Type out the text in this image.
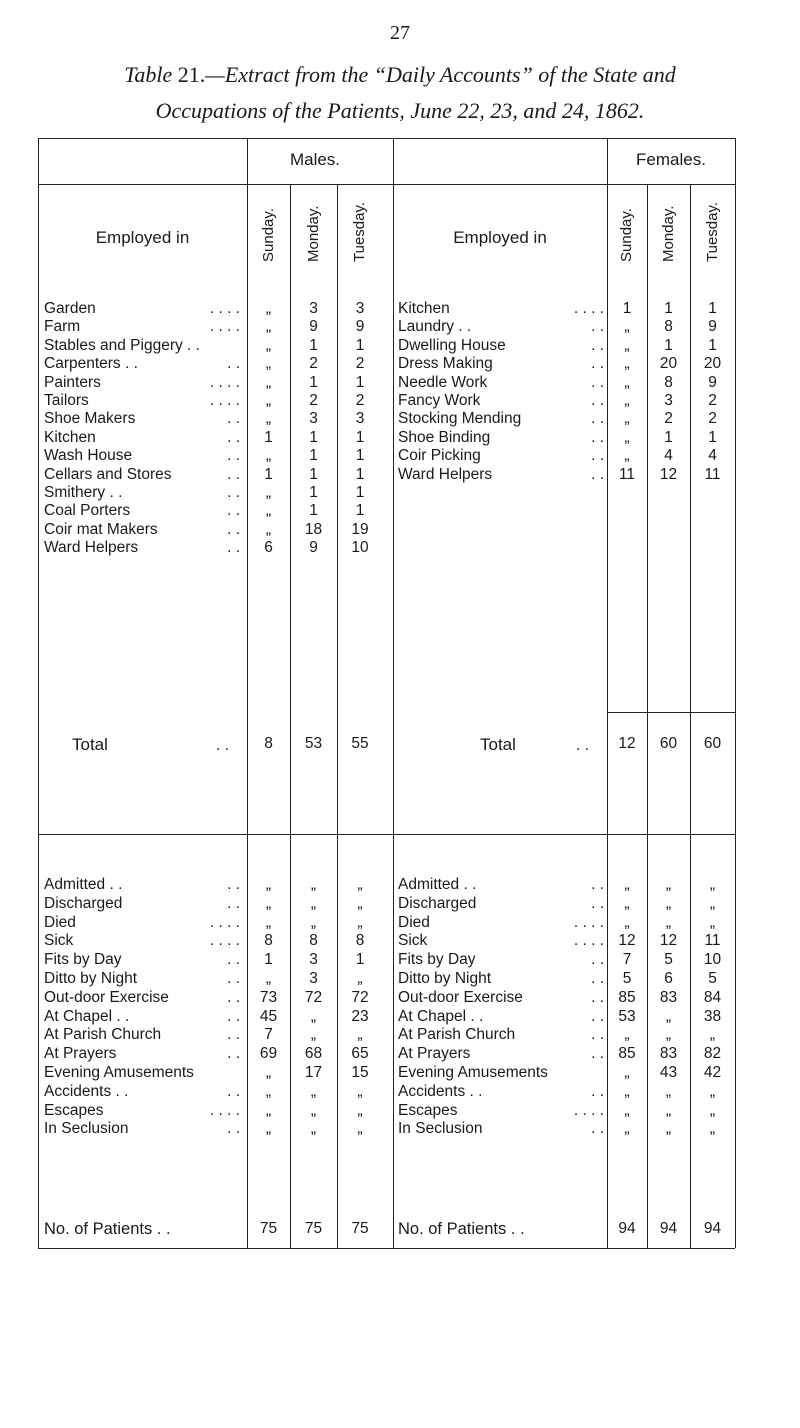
27
Table 21.—Extract from the “Daily Accounts” of the State and
Occupations of the Patients, June 22, 23, and 24, 1862.
Males.	Females.
Employed in	Employed in
Sunday. Monday. Tuesday.	Sunday. Monday. Tuesday.
Garden	. . . .	„	3	3
Farm	. . . .	„	9	9
Stables and Piggery . .	„	1	1
Carpenters . .	. .	„	2	2
Painters	. . . .	„	1	1
Tailors	. . . .	„	2	2
Shoe Makers	. .	„	3	3
Kitchen	. .	1	1	1
Wash House	. .	„	1	1
Cellars and Stores	. .	1	1	1
Smithery . .	. .	„	1	1
Coal Porters	. .	„	1	1
Coir mat Makers	. .	„	18	19
Ward Helpers	. .	6	9	10
Kitchen	. . . .	1	1	1
Laundry . .	. .	„	8	9
Dwelling House	. .	„	1	1
Dress Making	. .	„	20	20
Needle Work	. .	„	8	9
Fancy Work	. .	„	3	2
Stocking Mending	. .	„	2	2
Shoe Binding	. .	„	1	1
Coir Picking	. .	„	4	4
Ward Helpers	. . 11	12	11
Total	. .	8	53	55	Total	. .	12	60	60
Admitted . .	. .	„	„	„	Admitted . .	. .	„	„	„
Discharged	. .	„	„	„	Discharged	. .	„	„	„
Died	. . . .	„	„	„	Died	. . . .	„	„	„
Sick	. . . .	8	8	8	Sick	. . . . 12	12	11
Fits by Day	. .	1	3	1	Fits by Day	. .	7	5	10
Ditto by Night	. .	„	3	„	Ditto by Night	. .	5	6	5
Out-door Exercise	. .	73	72	72	Out-door Exercise	. . 85	83	84
At Chapel . .	. .	45	„	23	At Chapel . .	. . 53	„	38
At Parish Church	. .	7	„	„	At Parish Church	. .	„	„	„
At Prayers	. .	69	68	65	At Prayers	. . 85	83	82
Evening Amusements	„	17	15	Evening Amusements	„	43	42
Accidents . .	. .	„	„	„	Accidents . .	. .	„	„	„
Escapes	. . . .	„	„	„	Escapes	. . . .	„	„	„
In Seclusion	. .	„	„	„	In Seclusion	. .	„	„	„
No. of Patients . .	75	75	75	No. of Patients . .	94	94	94
